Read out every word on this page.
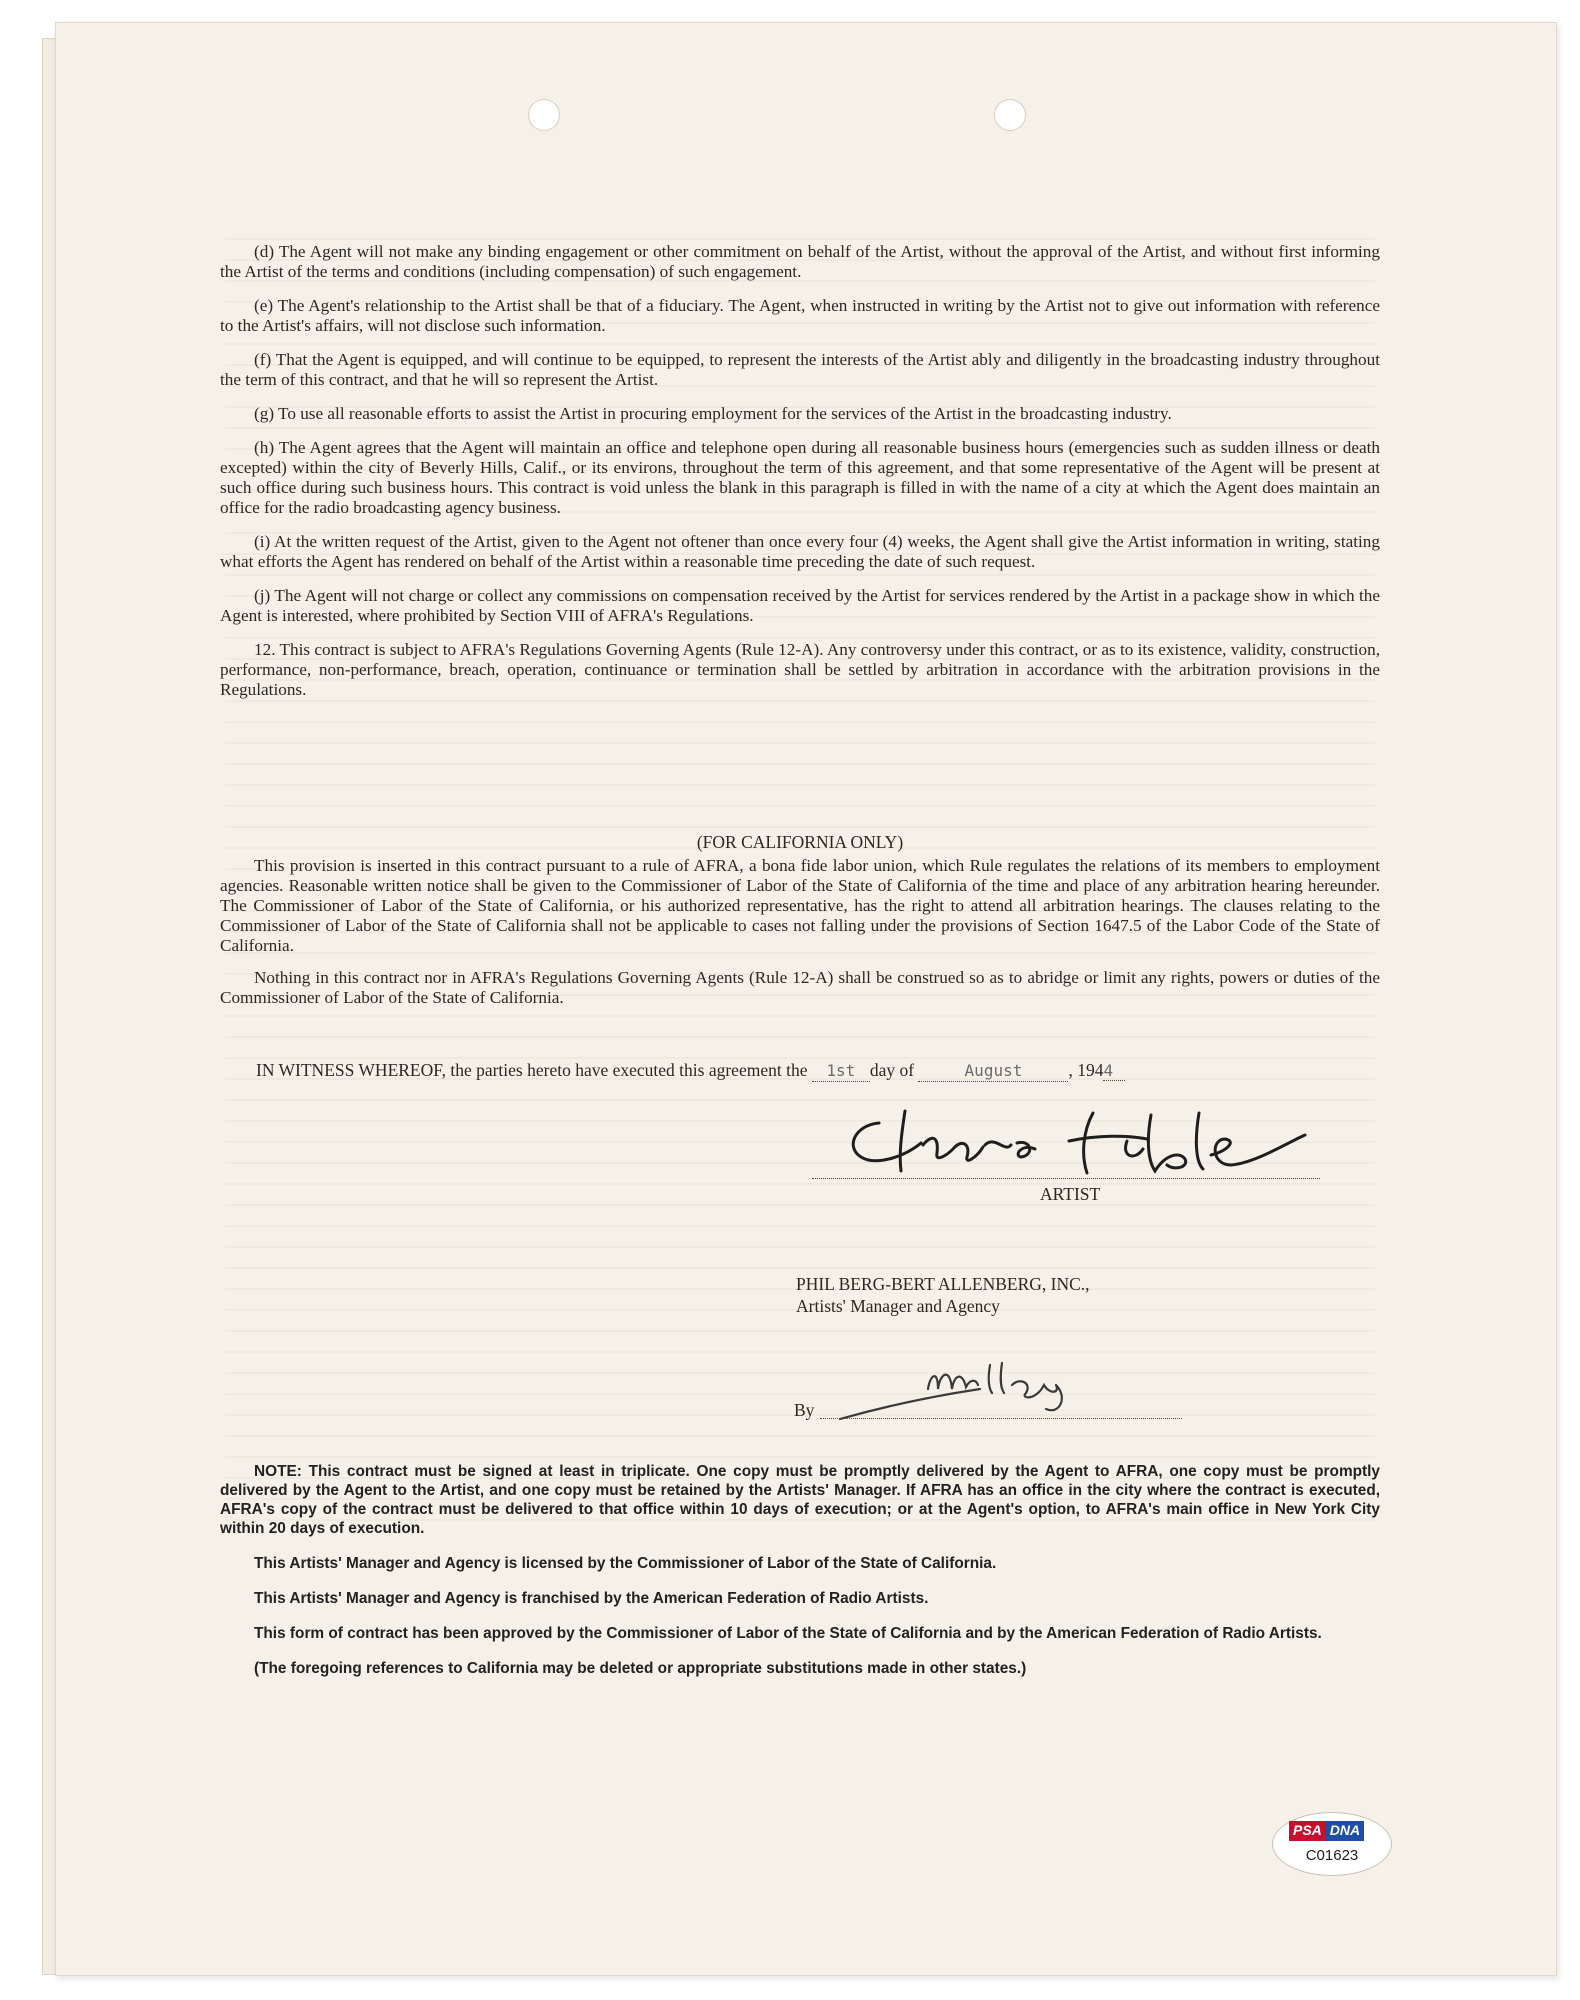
(d) The Agent will not make any binding engagement or other commitment on behalf of the Artist, without the approval of the Artist, and without first informing the Artist of the terms and conditions (including compensation) of such engagement.

(e) The Agent's relationship to the Artist shall be that of a fiduciary. The Agent, when instructed in writing by the Artist not to give out information with reference to the Artist's affairs, will not disclose such information.

(f) That the Agent is equipped, and will continue to be equipped, to represent the interests of the Artist ably and diligently in the broadcasting industry throughout the term of this contract, and that he will so represent the Artist.

(g) To use all reasonable efforts to assist the Artist in procuring employment for the services of the Artist in the broadcasting industry.

(h) The Agent agrees that the Agent will maintain an office and telephone open during all reasonable business hours (emergencies such as sudden illness or death excepted) within the city of Beverly Hills, Calif., or its environs, throughout the term of this agreement, and that some representative of the Agent will be present at such office during such business hours. This contract is void unless the blank in this paragraph is filled in with the name of a city at which the Agent does maintain an office for the radio broadcasting agency business.

(i) At the written request of the Artist, given to the Agent not oftener than once every four (4) weeks, the Agent shall give the Artist information in writing, stating what efforts the Agent has rendered on behalf of the Artist within a reasonable time preceding the date of such request.

(j) The Agent will not charge or collect any commissions on compensation received by the Artist for services rendered by the Artist in a package show in which the Agent is interested, where prohibited by Section VIII of AFRA's Regulations.

12. This contract is subject to AFRA's Regulations Governing Agents (Rule 12-A). Any controversy under this contract, or as to its existence, validity, construction, performance, non-performance, breach, operation, continuance or termination shall be settled by arbitration in accordance with the arbitration provisions in the Regulations.

(FOR CALIFORNIA ONLY)

This provision is inserted in this contract pursuant to a rule of AFRA, a bona fide labor union, which Rule regulates the relations of its members to employment agencies. Reasonable written notice shall be given to the Commissioner of Labor of the State of California of the time and place of any arbitration hearing hereunder. The Commissioner of Labor of the State of California, or his authorized representative, has the right to attend all arbitration hearings. The clauses relating to the Commissioner of Labor of the State of California shall not be applicable to cases not falling under the provisions of Section 1647.5 of the Labor Code of the State of California.

Nothing in this contract nor in AFRA's Regulations Governing Agents (Rule 12-A) shall be construed so as to abridge or limit any rights, powers or duties of the Commissioner of Labor of the State of California.

IN WITNESS WHEREOF, the parties hereto have executed this agreement the 1st day of	August	, 1944
ARTIST
PHIL BERG-BERT ALLENBERG, INC.,
Artists' Manager and Agency
By

NOTE: This contract must be signed at least in triplicate. One copy must be promptly delivered by the Agent to AFRA, one copy must be promptly delivered by the Agent to the Artist, and one copy must be retained by the Artists' Manager. If AFRA has an office in the city where the contract is executed, AFRA's copy of the contract must be delivered to that office within 10 days of execution; or at the Agent's option, to AFRA's main office in New York City within 20 days of execution.

This Artists' Manager and Agency is licensed by the Commissioner of Labor of the State of California.

This Artists' Manager and Agency is franchised by the American Federation of Radio Artists.

This form of contract has been approved by the Commissioner of Labor of the State of California and by the American Federation of Radio Artists.

(The foregoing references to California may be deleted or appropriate substitutions made in other states.)

PSA DNA
C01623
